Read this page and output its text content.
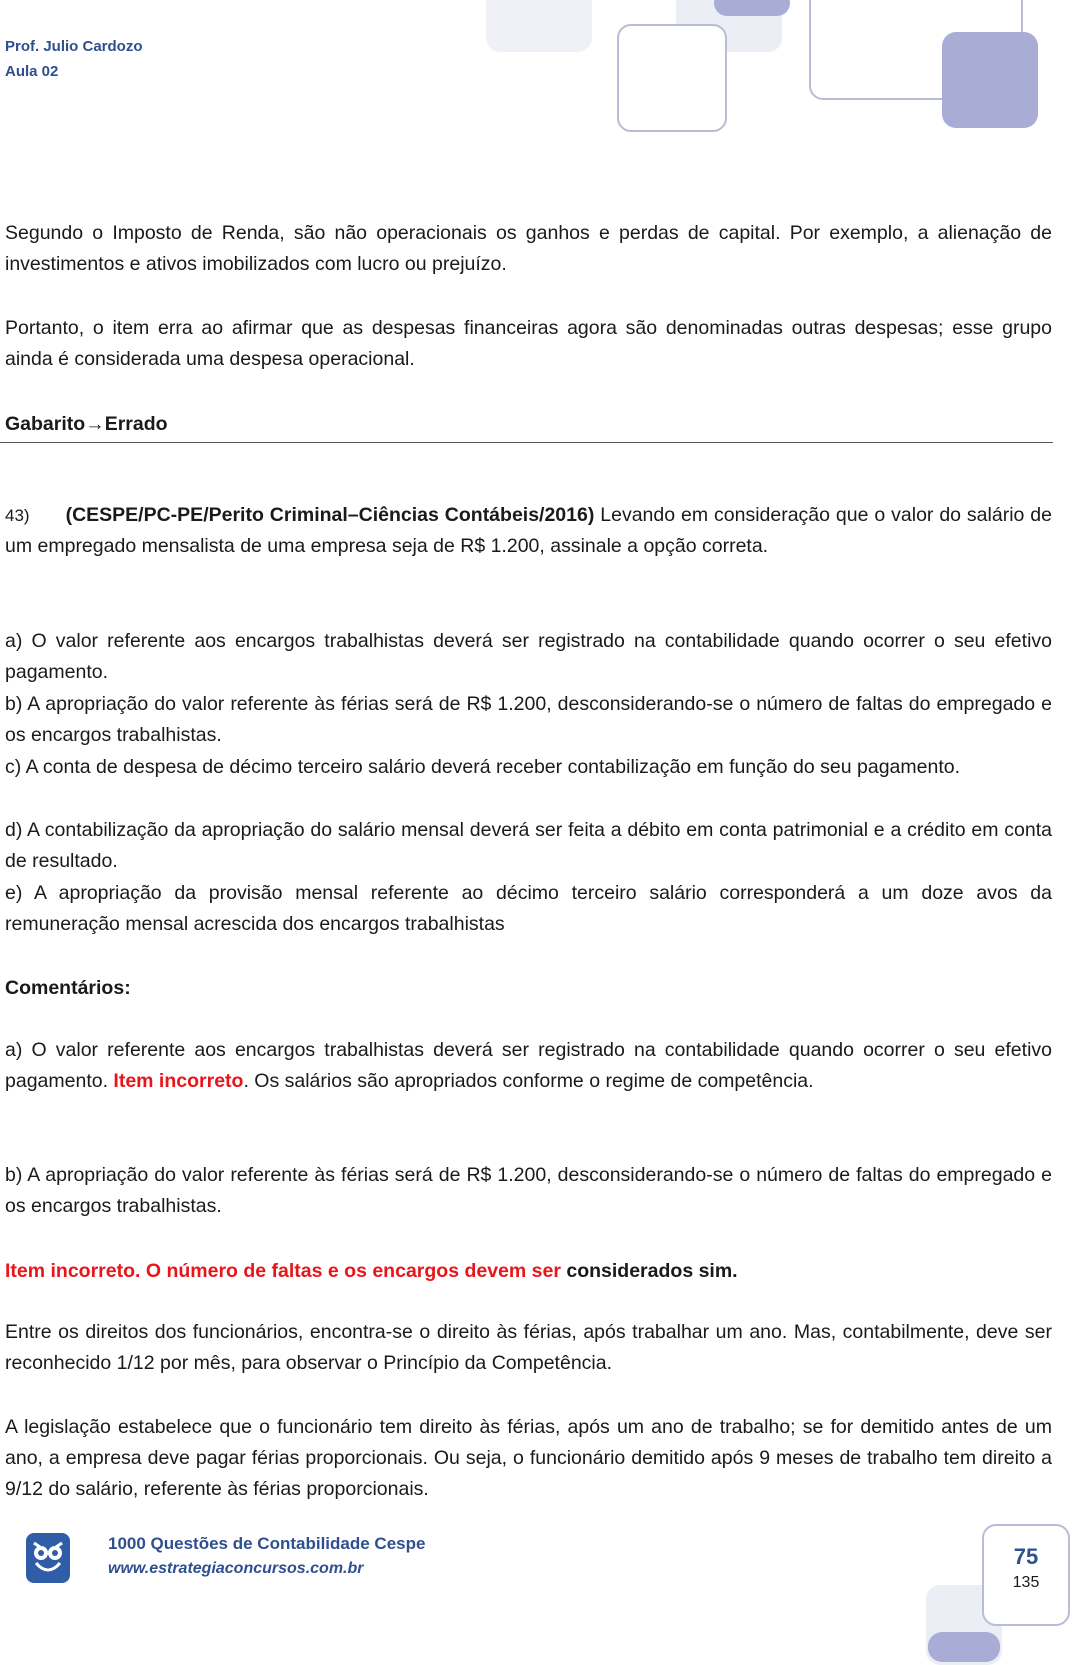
Prof. Julio Cardozo
Aula 02

Segundo o Imposto de Renda, são não operacionais os ganhos e perdas de capital. Por exemplo, a alienação de investimentos e ativos imobilizados com lucro ou prejuízo.

Portanto, o item erra ao afirmar que as despesas financeiras agora são denominadas outras despesas; esse grupo ainda é considerada uma despesa operacional.

Gabarito→Errado

43) (CESPE/PC-PE/Perito Criminal–Ciências Contábeis/2016) Levando em consideração que o valor do salário de um empregado mensalista de uma empresa seja de R$ 1.200, assinale a opção correta.

a) O valor referente aos encargos trabalhistas deverá ser registrado na contabilidade quando ocorrer o seu efetivo pagamento.

b) A apropriação do valor referente às férias será de R$ 1.200, desconsiderando-se o número de faltas do empregado e os encargos trabalhistas.

c) A conta de despesa de décimo terceiro salário deverá receber contabilização em função do seu pagamento.

d) A contabilização da apropriação do salário mensal deverá ser feita a débito em conta patrimonial e a crédito em conta de resultado.

e) A apropriação da provisão mensal referente ao décimo terceiro salário corresponderá a um doze avos da remuneração mensal acrescida dos encargos trabalhistas

Comentários:

a) O valor referente aos encargos trabalhistas deverá ser registrado na contabilidade quando ocorrer o seu efetivo pagamento. Item incorreto. Os salários são apropriados conforme o regime de competência.

b) A apropriação do valor referente às férias será de R$ 1.200, desconsiderando-se o número de faltas do empregado e os encargos trabalhistas.

Item incorreto. O número de faltas e os encargos devem ser considerados sim.

Entre os direitos dos funcionários, encontra-se o direito às férias, após trabalhar um ano. Mas, contabilmente, deve ser reconhecido 1/12 por mês, para observar o Princípio da Competência.

A legislação estabelece que o funcionário tem direito às férias, após um ano de trabalho; se for demitido antes de um ano, a empresa deve pagar férias proporcionais. Ou seja, o funcionário demitido após 9 meses de trabalho tem direito a 9/12 do salário, referente às férias proporcionais.

1000 Questões de Contabilidade Cespe
www.estrategiaconcursos.com.br	75
135
